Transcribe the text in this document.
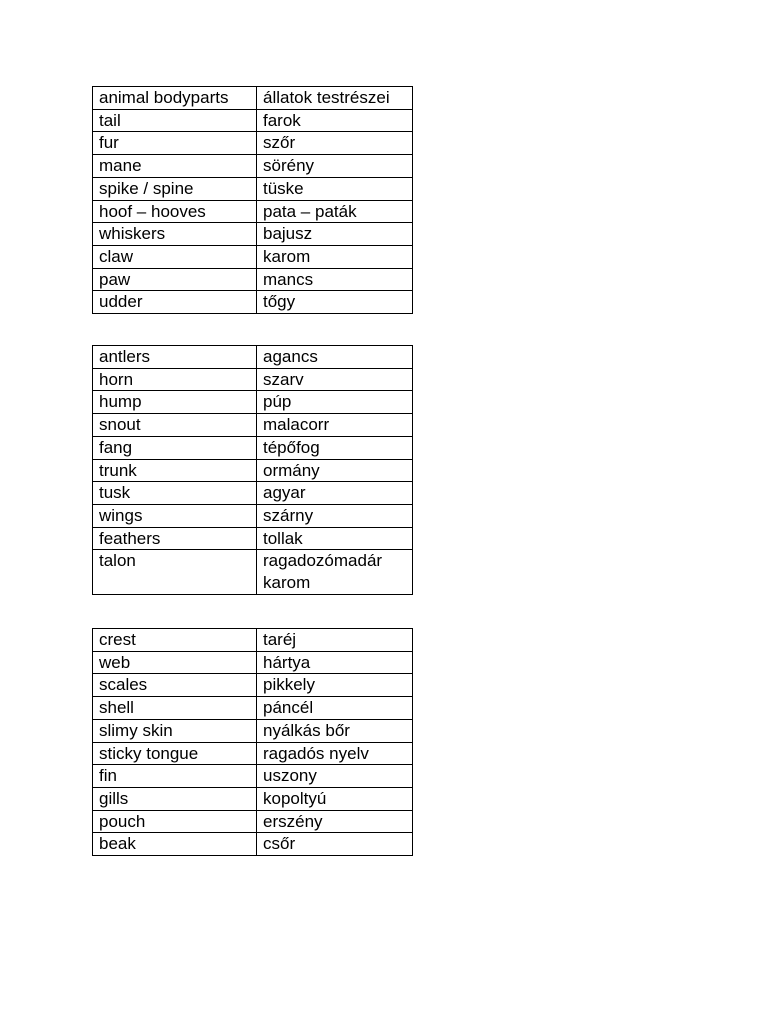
animal bodyparts	állatok testrészei
tail	farok
fur	szőr
mane	sörény
spike / spine	tüske
hoof – hooves	pata – paták
whiskers	bajusz
claw	karom
paw	mancs
udder	tőgy
antlers	agancs
horn	szarv
hump	púp
snout	malacorr
fang	tépőfog
trunk	ormány
tusk	agyar
wings	szárny
feathers	tollak
talon	ragadozómadár karom
crest	taréj
web	hártya
scales	pikkely
shell	páncél
slimy skin	nyálkás bőr
sticky tongue	ragadós nyelv
fin	uszony
gills	kopoltyú
pouch	erszény
beak	csőr
